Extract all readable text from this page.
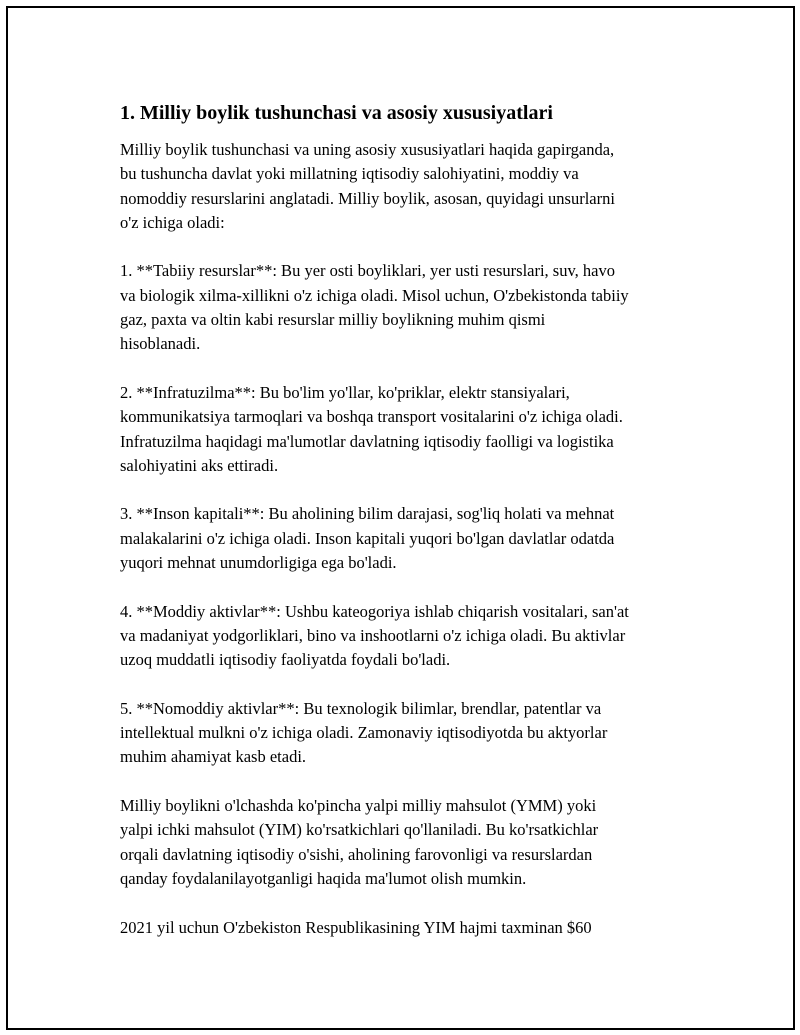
1. Milliy boylik tushunchasi va asosiy xususiyatlari

Milliy boylik tushunchasi va uning asosiy xususiyatlari haqida gapirganda,
bu tushuncha davlat yoki millatning iqtisodiy salohiyatini, moddiy va
nomoddiy resurslarini anglatadi. Milliy boylik, asosan, quyidagi unsurlarni
o'z ichiga oladi:

1. **Tabiiy resurslar**: Bu yer osti boyliklari, yer usti resurslari, suv, havo
va biologik xilma-xillikni o'z ichiga oladi. Misol uchun, O'zbekistonda tabiiy
gaz, paxta va oltin kabi resurslar milliy boylikning muhim qismi
hisoblanadi.

2. **Infratuzilma**: Bu bo'lim yo'llar, ko'priklar, elektr stansiyalari,
kommunikatsiya tarmoqlari va boshqa transport vositalarini o'z ichiga oladi.
Infratuzilma haqidagi ma'lumotlar davlatning iqtisodiy faolligi va logistika
salohiyatini aks ettiradi.

3. **Inson kapitali**: Bu aholining bilim darajasi, sog'liq holati va mehnat
malakalarini o'z ichiga oladi. Inson kapitali yuqori bo'lgan davlatlar odatda
yuqori mehnat unumdorligiga ega bo'ladi.

4. **Moddiy aktivlar**: Ushbu kateogoriya ishlab chiqarish vositalari, san'at
va madaniyat yodgorliklari, bino va inshootlarni o'z ichiga oladi. Bu aktivlar
uzoq muddatli iqtisodiy faoliyatda foydali bo'ladi.

5. **Nomoddiy aktivlar**: Bu texnologik bilimlar, brendlar, patentlar va
intellektual mulkni o'z ichiga oladi. Zamonaviy iqtisodiyotda bu aktyorlar
muhim ahamiyat kasb etadi.

Milliy boylikni o'lchashda ko'pincha yalpi milliy mahsulot (YMM) yoki
yalpi ichki mahsulot (YIM) ko'rsatkichlari qo'llaniladi. Bu ko'rsatkichlar
orqali davlatning iqtisodiy o'sishi, aholining farovonligi va resurslardan
qanday foydalanilayotganligi haqida ma'lumot olish mumkin.

2021 yil uchun O'zbekiston Respublikasining YIM hajmi taxminan $60
